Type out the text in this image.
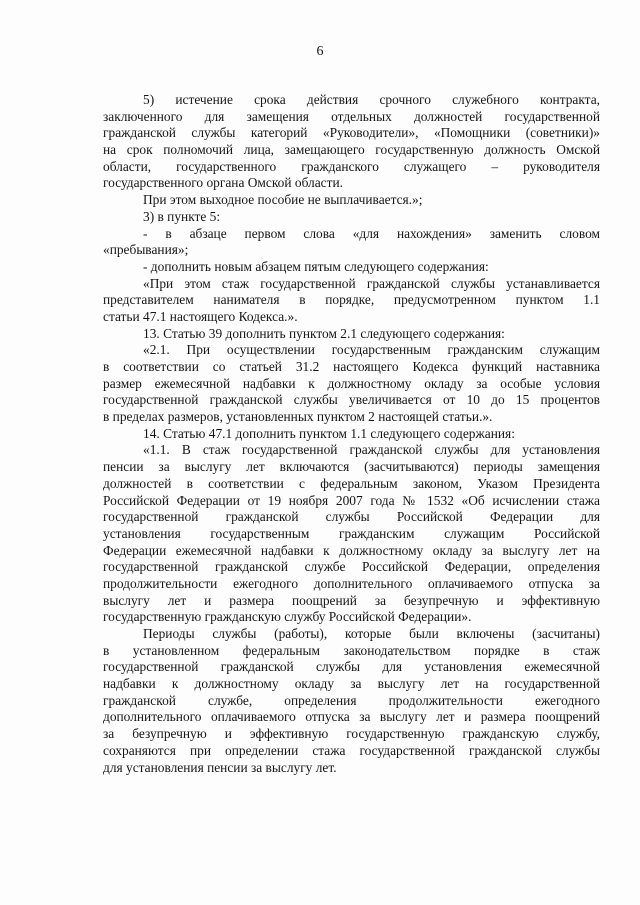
6
5) истечение срока действия срочного служебного контракта,
заключенного для замещения отдельных должностей государственной
гражданской службы категорий «Руководители», «Помощники (советники)»
на срок полномочий лица, замещающего государственную должность Омской
области, государственного гражданского служащего – руководителя
государственного органа Омской области.
При этом выходное пособие не выплачивается.»;
3) в пункте 5:
- в абзаце первом слова «для нахождения» заменить словом
«пребывания»;
- дополнить новым абзацем пятым следующего содержания:
«При этом стаж государственной гражданской службы устанавливается
представителем нанимателя в порядке, предусмотренном пунктом 1.1
статьи 47.1 настоящего Кодекса.».
13. Статью 39 дополнить пунктом 2.1 следующего содержания:
«2.1. При осуществлении государственным гражданским служащим
в соответствии со статьей 31.2 настоящего Кодекса функций наставника
размер ежемесячной надбавки к должностному окладу за особые условия
государственной гражданской службы увеличивается от 10 до 15 процентов
в пределах размеров, установленных пунктом 2 настоящей статьи.».
14. Статью 47.1 дополнить пунктом 1.1 следующего содержания:
«1.1. В стаж государственной гражданской службы для установления
пенсии за выслугу лет включаются (засчитываются) периоды замещения
должностей в соответствии с федеральным законом, Указом Президента
Российской Федерации от 19 ноября 2007 года № 1532 «Об исчислении стажа
государственной гражданской службы Российской Федерации для
установления государственным гражданским служащим Российской
Федерации ежемесячной надбавки к должностному окладу за выслугу лет на
государственной гражданской службе Российской Федерации, определения
продолжительности ежегодного дополнительного оплачиваемого отпуска за
выслугу лет и размера поощрений за безупречную и эффективную
государственную гражданскую службу Российской Федерации».
Периоды службы (работы), которые были включены (засчитаны)
в установленном федеральным законодательством порядке в стаж
государственной гражданской службы для установления ежемесячной
надбавки к должностному окладу за выслугу лет на государственной
гражданской службе, определения продолжительности ежегодного
дополнительного оплачиваемого отпуска за выслугу лет и размера поощрений
за безупречную и эффективную государственную гражданскую службу,
сохраняются при определении стажа государственной гражданской службы
для установления пенсии за выслугу лет.
